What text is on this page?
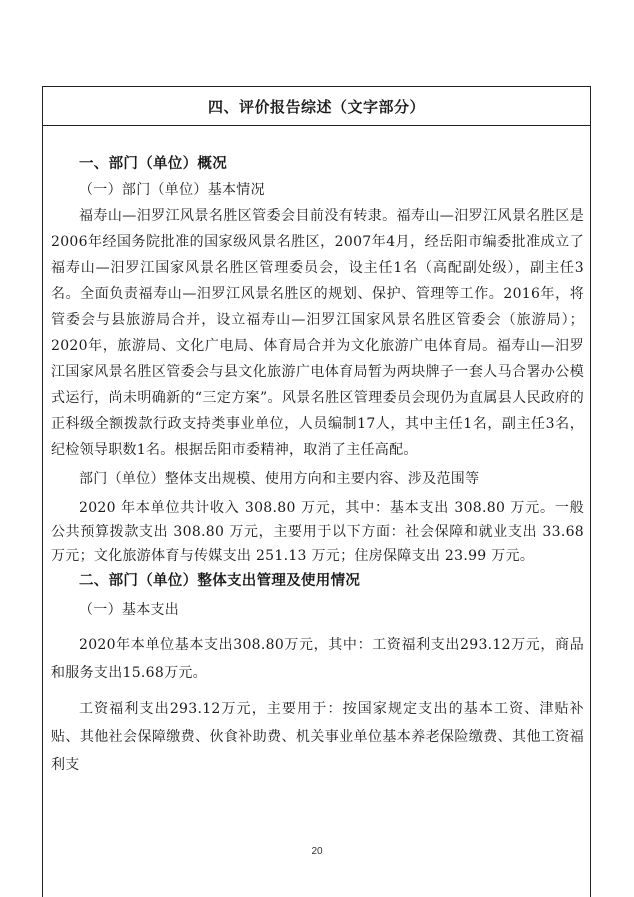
四、评价报告综述（文字部分）

一、部门（单位）概况

（一）部门（单位）基本情况

福寿山—汨罗江风景名胜区管委会目前没有转隶。福寿山—汨罗江风景名胜区是2006年经国务院批准的国家级风景名胜区，2007年4月，经岳阳市编委批准成立了福寿山—汨罗江国家风景名胜区管理委员会，设主任1名（高配副处级），副主任3名。全面负责福寿山—汨罗江风景名胜区的规划、保护、管理等工作。2016年，将管委会与县旅游局合并，设立福寿山—汨罗江国家风景名胜区管委会（旅游局）；2020年，旅游局、文化广电局、体育局合并为文化旅游广电体育局。福寿山—汨罗江国家风景名胜区管委会与县文化旅游广电体育局暂为两块牌子一套人马合署办公模式运行，尚未明确新的“三定方案”。风景名胜区管理委员会现仍为直属县人民政府的正科级全额拨款行政支持类事业单位，人员编制17人，其中主任1名，副主任3名，纪检领导职数1名。根据岳阳市委精神，取消了主任高配。

部门（单位）整体支出规模、使用方向和主要内容、涉及范围等

2020 年本单位共计收入 308.80 万元，其中：基本支出 308.80 万元。一般公共预算拨款支出 308.80 万元，主要用于以下方面：社会保障和就业支出 33.68 万元；文化旅游体育与传媒支出 251.13 万元；住房保障支出 23.99 万元。

二、部门（单位）整体支出管理及使用情况

（一）基本支出

2020年本单位基本支出308.80万元，其中：工资福利支出293.12万元，商品和服务支出15.68万元。

工资福利支出293.12万元，主要用于：按国家规定支出的基本工资、津贴补贴、其他社会保障缴费、伙食补助费、机关事业单位基本养老保险缴费、其他工资福利支

20
